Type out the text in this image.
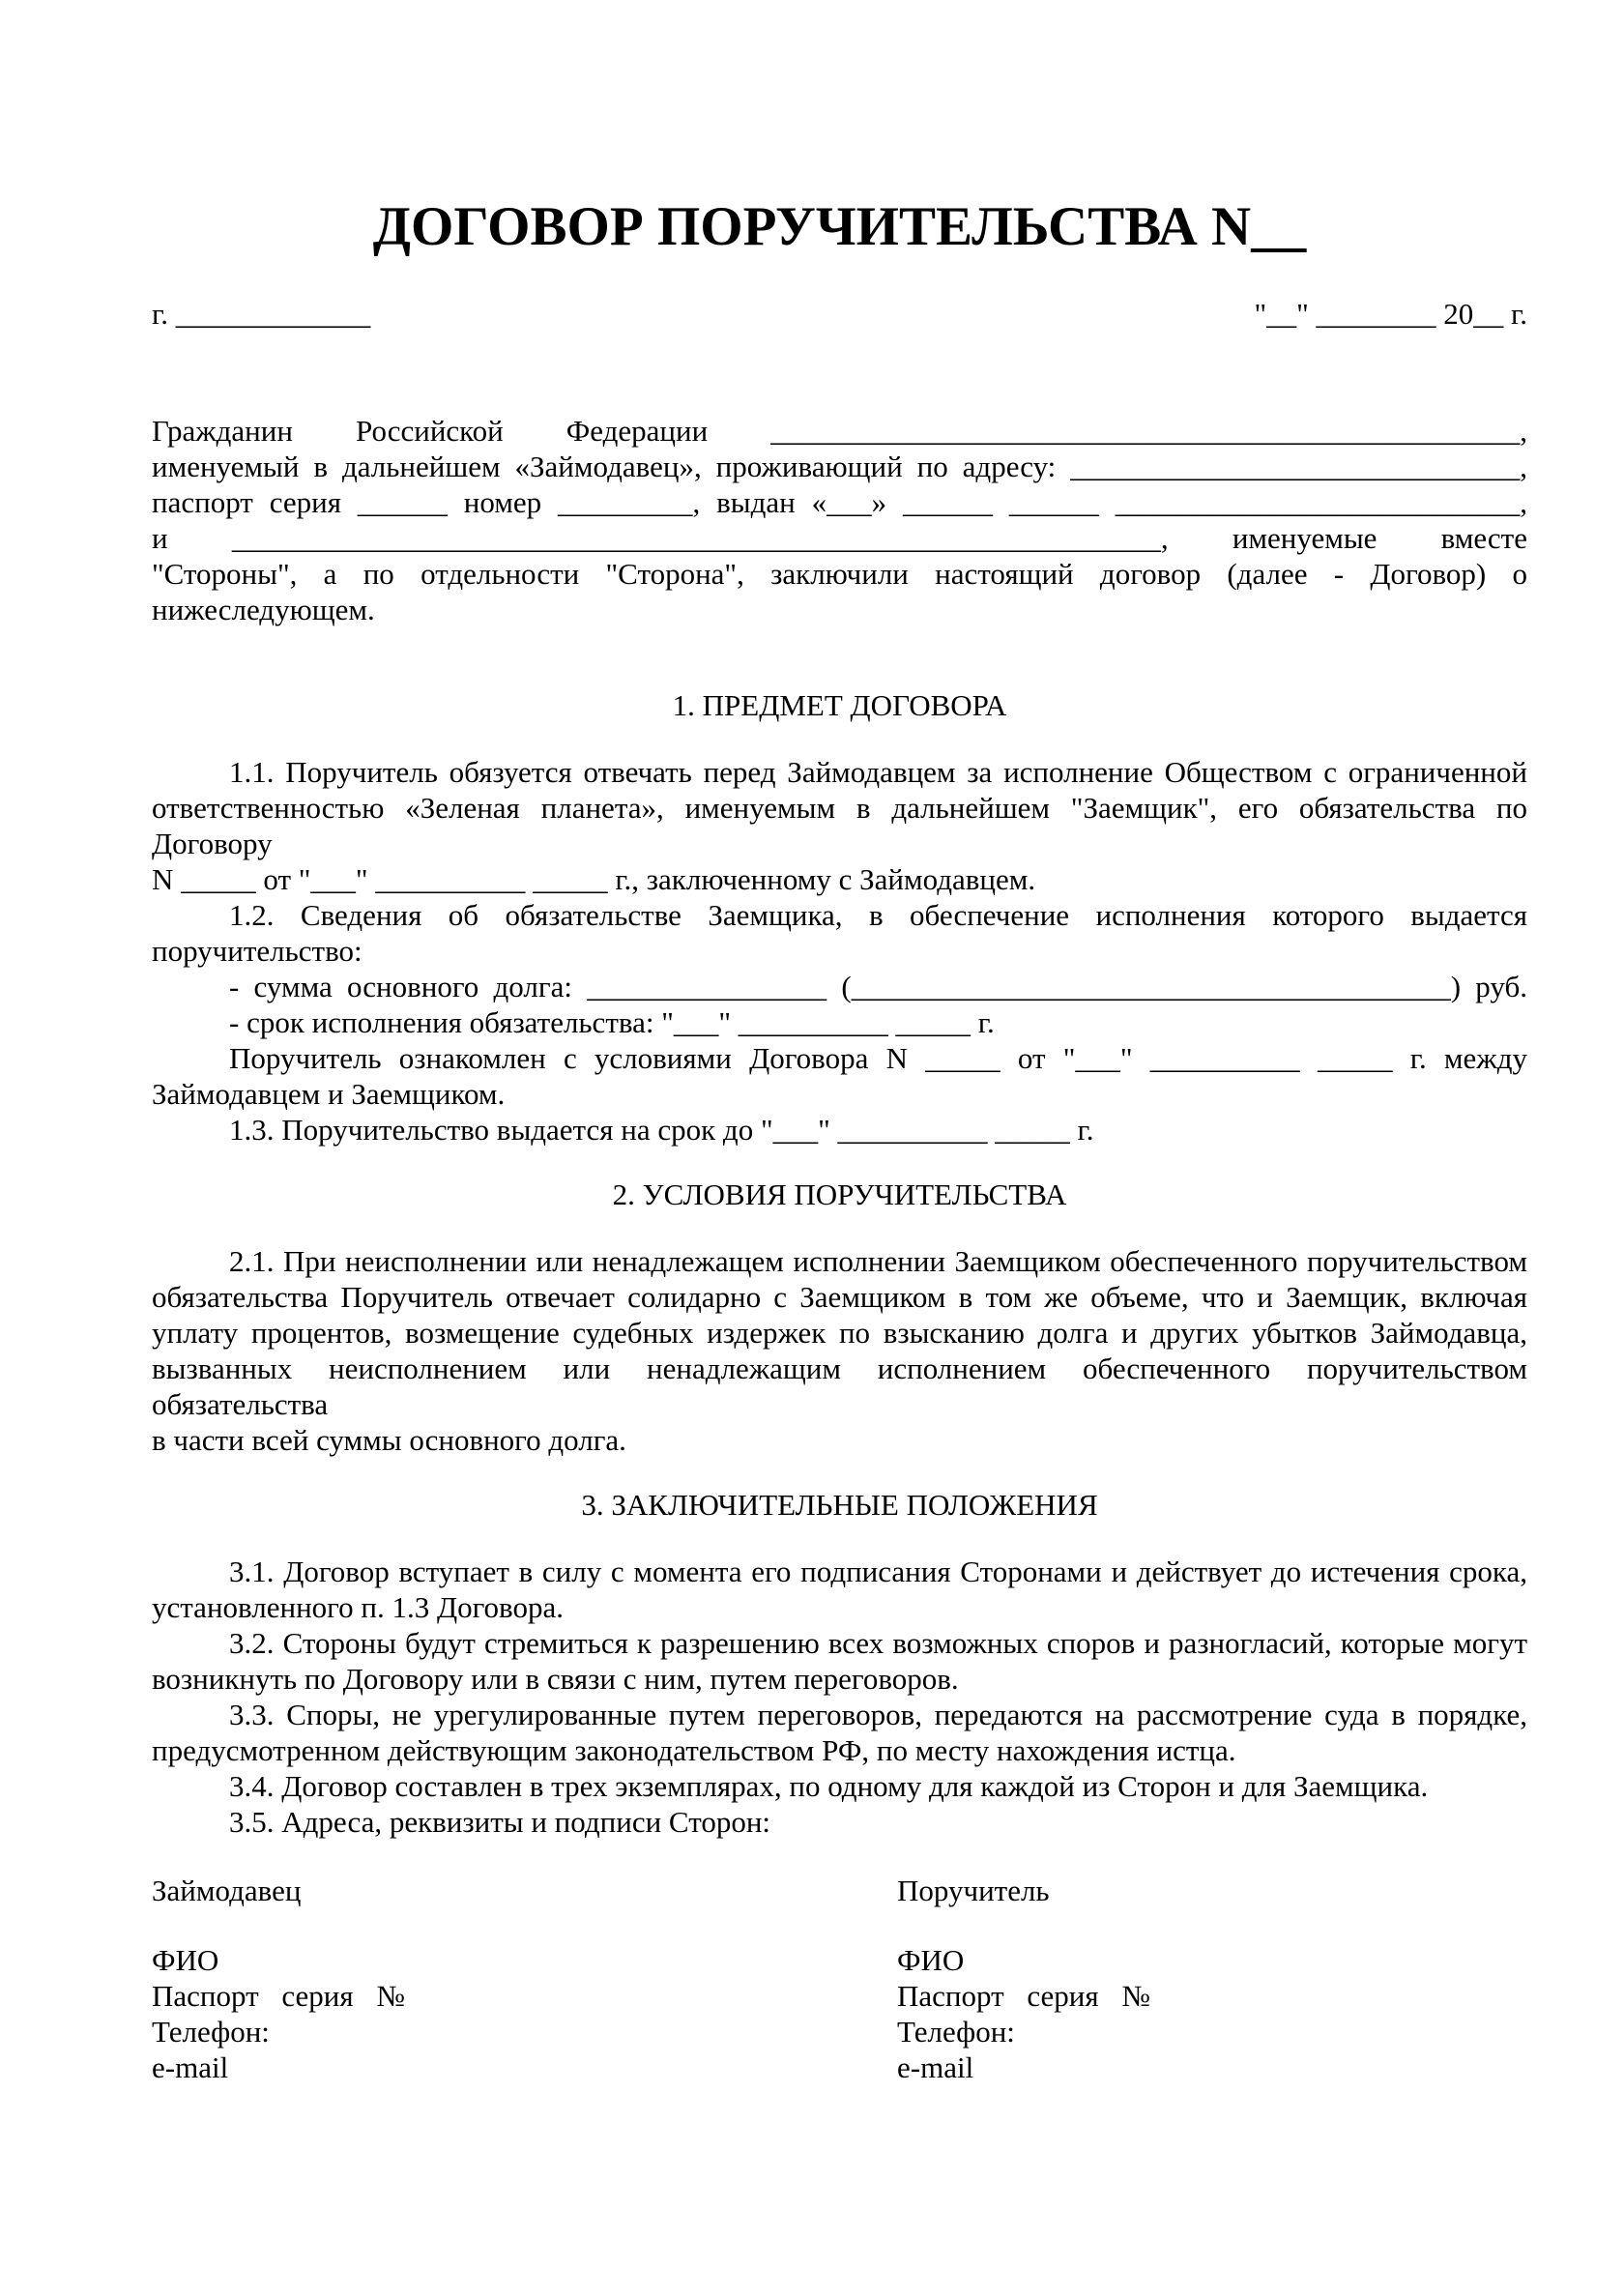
ДОГОВОР ПОРУЧИТЕЛЬСТВА N__
г. _____________	"__" ________ 20__ г.
Гражданин Российской Федерации __________________________________________________,
именуемый в дальнейшем «Займодавец», проживающий по адресу: ______________________________,
паспорт серия ______ номер _________, выдан «___» ______ ______ ___________________________,
и ______________________________________________________________, именуемые вместе
"Стороны", а по отдельности "Сторона", заключили настоящий договор (далее - Договор) о
нижеследующем.
1. ПРЕДМЕТ ДОГОВОРА
1.1. Поручитель обязуется отвечать перед Займодавцем за исполнение Обществом с ограниченной
ответственностью «Зеленая планета», именуемым в дальнейшем "Заемщик", его обязательства по Договору
N _____ от "___" __________ _____ г., заключенному с Займодавцем.
1.2. Сведения об обязательстве Заемщика, в обеспечение исполнения которого выдается
поручительство:
- сумма основного долга: ________________ (________________________________________) руб.
- срок исполнения обязательства: "___" __________ _____ г.
Поручитель ознакомлен с условиями Договора N _____ от "___" __________ _____ г. между
Займодавцем и Заемщиком.
1.3. Поручительство выдается на срок до "___" __________ _____ г.
2. УСЛОВИЯ ПОРУЧИТЕЛЬСТВА
2.1. При неисполнении или ненадлежащем исполнении Заемщиком обеспеченного поручительством
обязательства Поручитель отвечает солидарно с Заемщиком в том же объеме, что и Заемщик, включая
уплату процентов, возмещение судебных издержек по взысканию долга и других убытков Займодавца,
вызванных неисполнением или ненадлежащим исполнением обеспеченного поручительством обязательства
в части всей суммы основного долга.
3. ЗАКЛЮЧИТЕЛЬНЫЕ ПОЛОЖЕНИЯ
3.1. Договор вступает в силу с момента его подписания Сторонами и действует до истечения срока,
установленного п. 1.3 Договора.
3.2. Стороны будут стремиться к разрешению всех возможных споров и разногласий, которые могут
возникнуть по Договору или в связи с ним, путем переговоров.
3.3. Споры, не урегулированные путем переговоров, передаются на рассмотрение суда в порядке,
предусмотренном действующим законодательством РФ, по месту нахождения истца.
3.4. Договор составлен в трех экземплярах, по одному для каждой из Сторон и для Заемщика.
3.5. Адреса, реквизиты и подписи Сторон:
Займодавец
ФИО
Паспорт серия №
Телефон:
e-mail
Поручитель
ФИО
Паспорт серия №
Телефон:
e-mail
